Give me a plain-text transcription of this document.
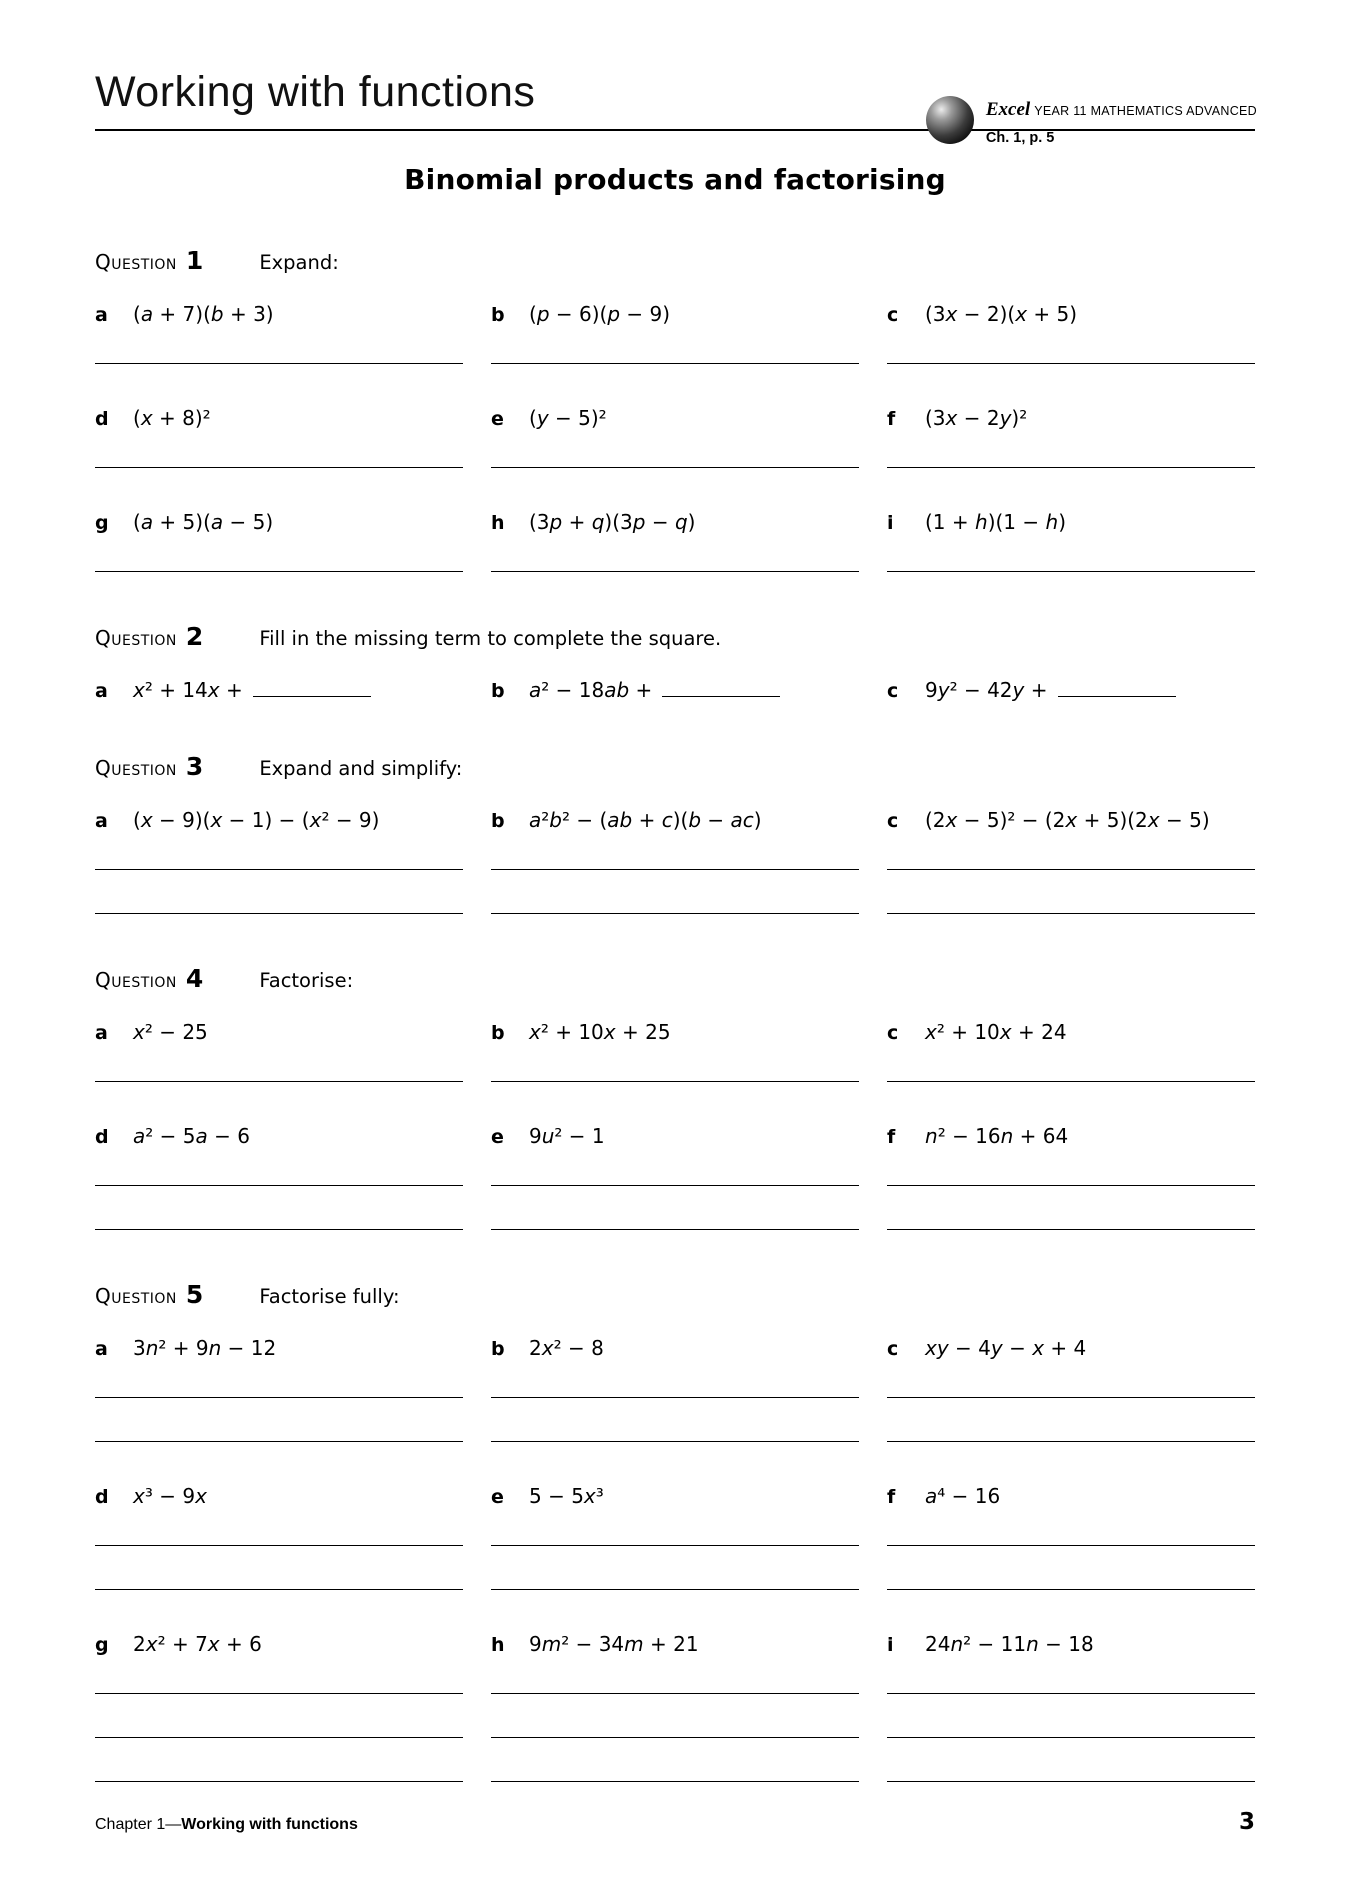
Working with functions	Excel YEAR 11 MATHEMATICS ADVANCED
Ch. 1, p. 5
Binomial products and factorising
Question 1	Expand:
a	(a + 7)(b + 3)	b	(p − 6)(p − 9)	c	(3x − 2)(x + 5)
d	(x + 8)²	e	(y − 5)²	f	(3x − 2y)²
g	(a + 5)(a − 5)	h	(3p + q)(3p − q)	i	(1 + h)(1 − h)
Question 2	Fill in the missing term to complete the square.
a	x² + 14x +	b	a² − 18ab +	c	9y² − 42y +
Question 3	Expand and simplify:
a	(x − 9)(x − 1) − (x² − 9)	b	a²b² − (ab + c)(b − ac)	c	(2x − 5)² − (2x + 5)(2x − 5)
Question 4	Factorise:
a	x² − 25	b	x² + 10x + 25	c	x² + 10x + 24
d	a² − 5a − 6	e	9u² − 1	f	n² − 16n + 64
Question 5	Factorise fully:
a	3n² + 9n − 12	b	2x² − 8	c	xy − 4y − x + 4
d	x³ − 9x	e	5 − 5x³	f	a⁴ − 16
g	2x² + 7x + 6	h	9m² − 34m + 21	i	24n² − 11n − 18
Chapter 1—Working with functions	3
